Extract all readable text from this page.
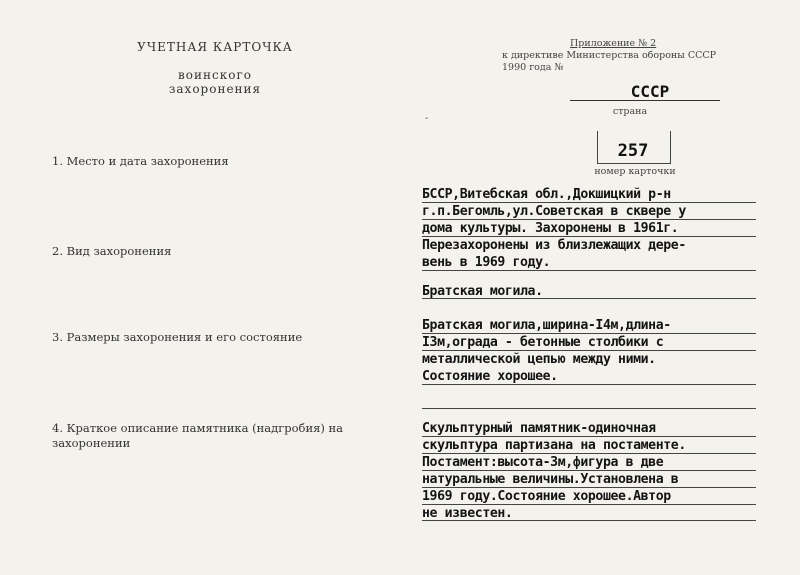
УЧЕТНАЯ КАРТОЧКА
воинского захоронения
Приложение № 2
к директиве Министерства обороны СССР
1990 года №
СССР
страна
257
номер карточки
-
1. Место и дата захоронения
БССР,Витебская обл.,Докшицкий р-н
г.п.Бегомль,ул.Советская в сквере у
дома культуры. Захоронены в 1961г.
Перезахоронены из близлежащих дере-
вень в 1969 году.
2. Вид захоронения
Братская могила.
3. Размеры захоронения и его состояние
Братская могила,ширина-I4м,длина-
I3м,ограда - бетонные столбики с
металлической цепью между ними.
Состояние хорошее.
4. Краткое описание памятника (надгробия) на захоронении
Скульптурный памятник-одиночная
скульптура партизана на постаменте.
Постамент:высота-3м,фигура в две
натуральные величины.Установлена в
1969 году.Состояние хорошее.Автор
не известен.
